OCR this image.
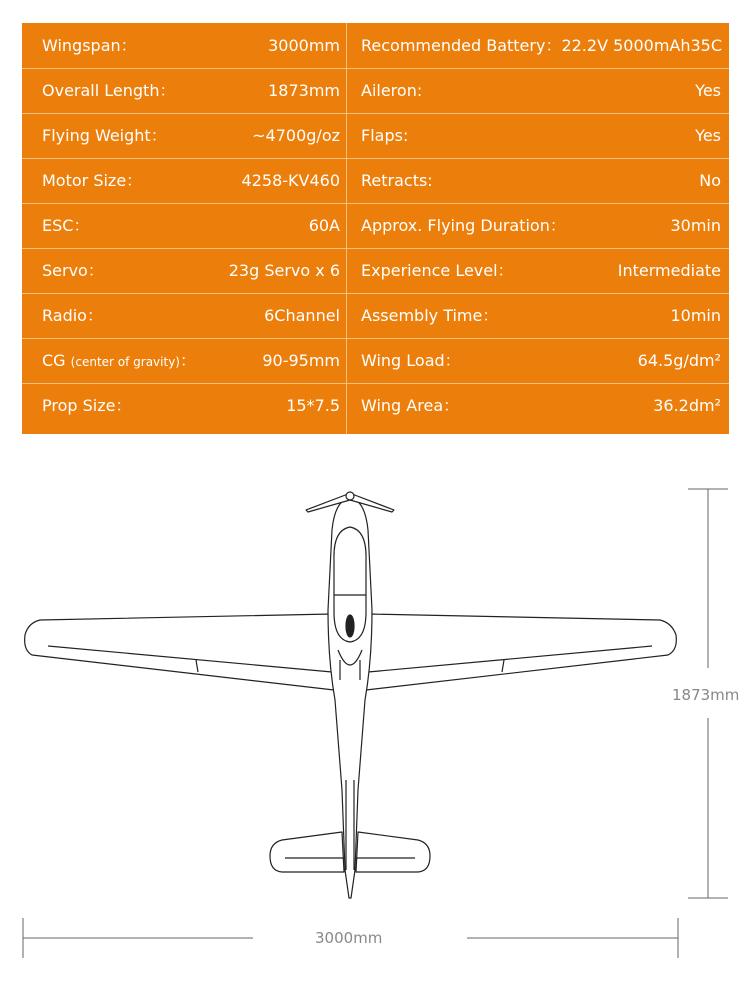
Wingspan：	3000mm
Overall Length：	1873mm
Flying Weight：	~4700g/oz
Motor Size：	4258-KV460
ESC：	60A
Servo：	23g Servo x 6
Radio：	6Channel
CG (center of gravity)：	90-95mm
Prop Size：	15*7.5
Recommended Battery：22.2V 5000mAh35C
Aileron:	Yes
Flaps:	Yes
Retracts:	No
Approx. Flying Duration：	30min
Experience Level：	Intermediate
Assembly Time：	10min
Wing Load：	64.5g/dm²
Wing Area：	36.2dm²
1873mm
3000mm
